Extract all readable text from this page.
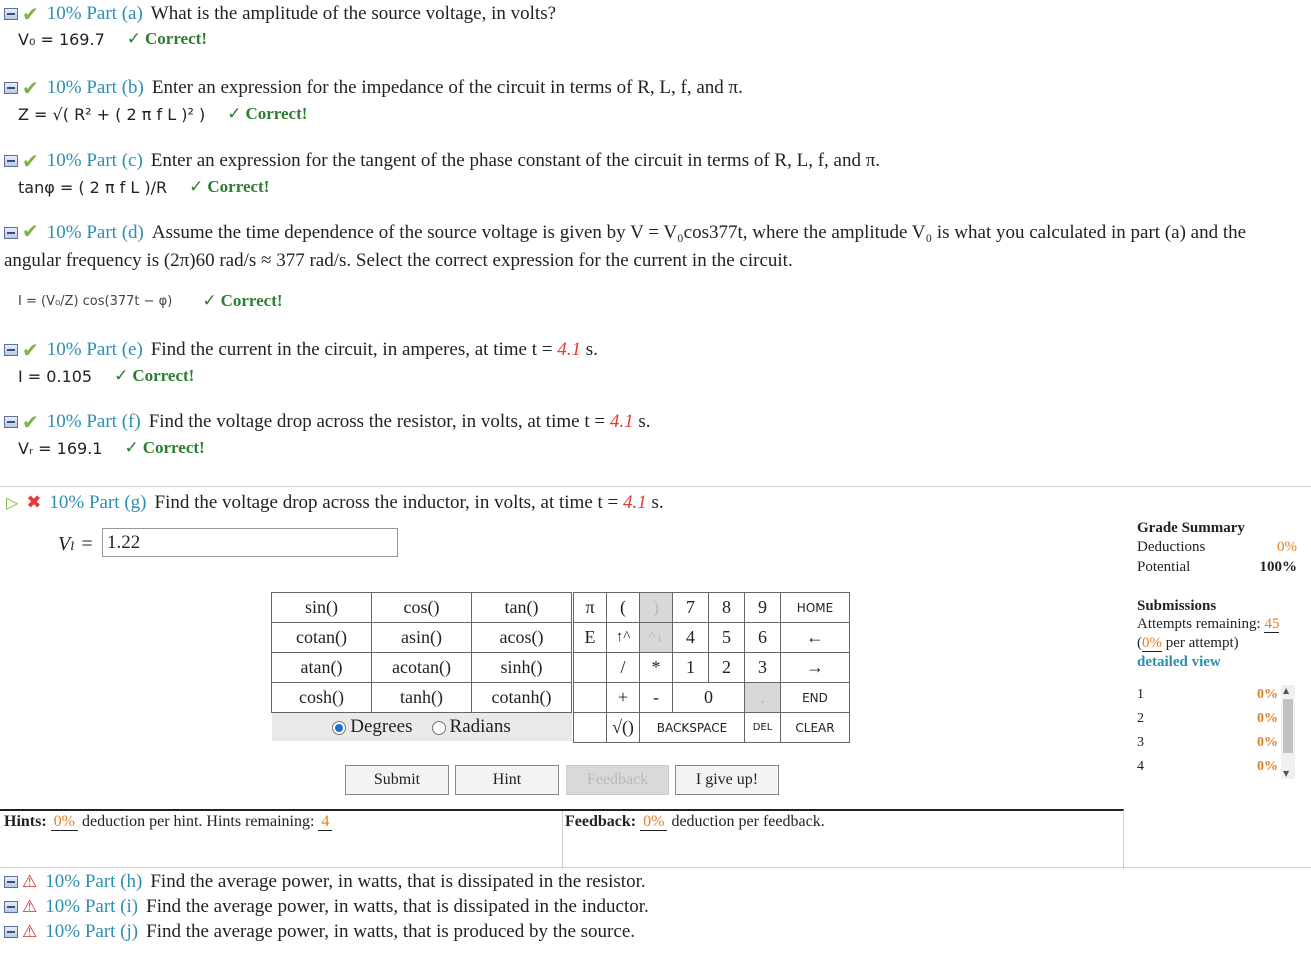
✔ 10% Part (a) What is the amplitude of the source voltage, in volts?
V₀ = 169.7 ✓ Correct!
✔ 10% Part (b) Enter an expression for the impedance of the circuit in terms of R, L, f, and π.
Z = √( R² + ( 2 π f L )² ) ✓ Correct!
✔ 10% Part (c) Enter an expression for the tangent of the phase constant of the circuit in terms of R, L, f, and π.
tanφ = ( 2 π f L )/R ✓ Correct!
✔ 10% Part (d) Assume the time dependence of the source voltage is given by V = V₀cos377t, where the amplitude V₀ is what you calculated in part (a) and the angular frequency is (2π)60 rad/s ≈ 377 rad/s. Select the correct expression for the current in the circuit.
I = (V₀/Z) cos(377t − φ) ✓ Correct!
✔ 10% Part (e) Find the current in the circuit, in amperes, at time t = 4.1 s.
I = 0.105 ✓ Correct!
✔ 10% Part (f) Find the voltage drop across the resistor, in volts, at time t = 4.1 s.
Vᵣ = 169.1 ✓ Correct!
▷ ✖ 10% Part (g) Find the voltage drop across the inductor, in volts, at time t = 4.1 s.
Vₗ =
1.22
sin()	cos()	tan()
cotan()	asin()	acos()
atan()	acotan()	sinh()
cosh()	tanh()	cotanh()
Degrees Radians		
π	(	)	7	8	9	HOME
E	↑^	^↓	4	5	6	←
	/	*	1	2	3	→
	+	-	0		.	END
	√()	BACKSPACE			DEL	CLEAR
Submit	Hint	Feedback	I give up!
Hints: 0% deduction per hint. Hints remaining: 4	Feedback: 0% deduction per feedback.
Grade Summary
Deductions	0%
Potential	100%
Submissions
Attempts remaining: 45
(0% per attempt)
detailed view
1	0%
2	0%
3	0%
4	0%
▲
▼
⚠ 10% Part (h) Find the average power, in watts, that is dissipated in the resistor.
⚠ 10% Part (i) Find the average power, in watts, that is dissipated in the inductor.
⚠ 10% Part (j) Find the average power, in watts, that is produced by the source.
